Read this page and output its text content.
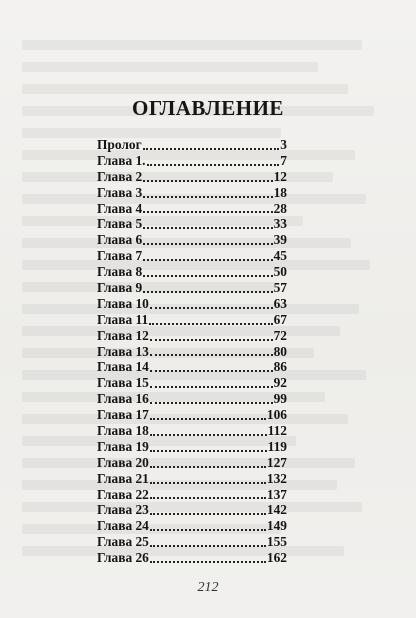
ОГЛАВЛЕНИЕ
Пролог	3
Глава 1.	7
Глава 2	12
Глава 3	18
Глава 4	28
Глава 5	33
Глава 6	39
Глава 7	45
Глава 8	50
Глава 9	57
Глава 10	63
Глава 11	67
Глава 12	72
Глава 13	80
Глава 14	86
Глава 15	92
Глава 16	99
Глава 17	106
Глава 18	112
Глава 19	119
Глава 20	127
Глава 21	132
Глава 22	137
Глава 23	142
Глава 24	149
Глава 25	155
Глава 26	162
212
